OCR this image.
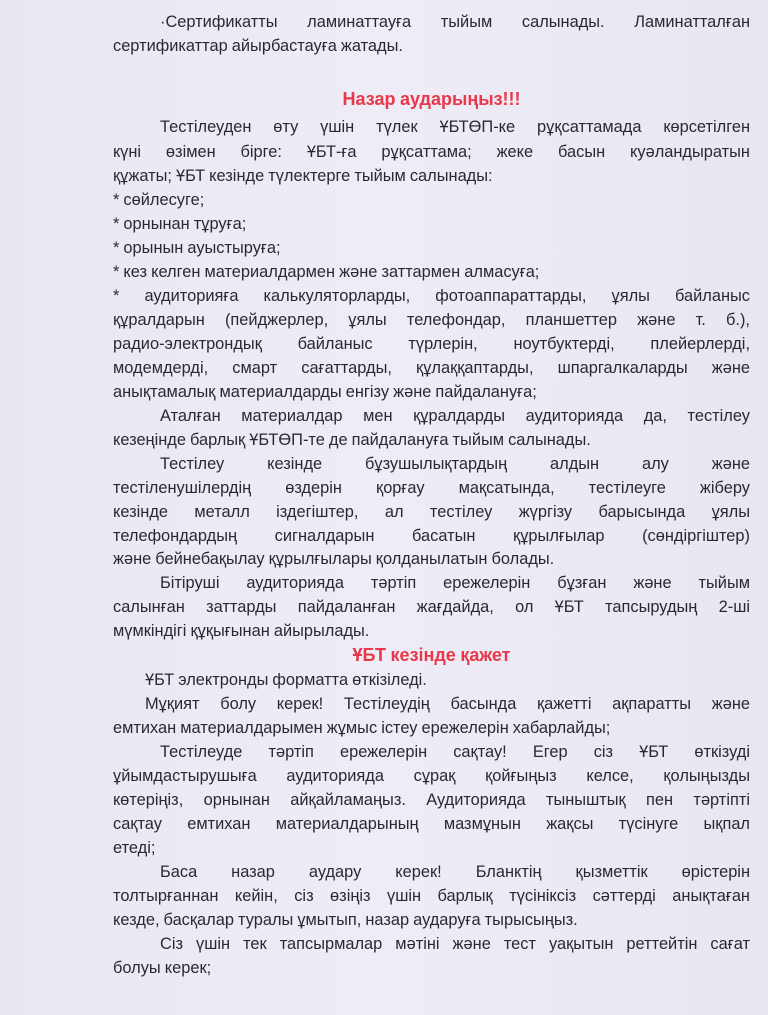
·Сертификатты ламинаттауға тыйым салынады. Ламинатталған
сертификаттар айырбастауға жатады.
Назар аударыңыз!!!
Тестілеуден өту үшін түлек ҰБТӨП-ке рұқсаттамада көрсетілген
күні өзімен бірге: ҰБТ-ға рұқсаттама; жеке басын куәландыратын
құжаты; ҰБТ кезінде түлектерге тыйым салынады:
* сөйлесуге;
* орнынан тұруға;
* орынын ауыстыруға;
* кез келген материалдармен және заттармен алмасуға;
* аудиторияға калькуляторларды, фотоаппараттарды, ұялы байланыс
құралдарын (пейджерлер, ұялы телефондар, планшеттер және т. б.),
радио-электрондық байланыс түрлерін, ноутбуктерді, плейерлерді,
модемдерді, смарт сағаттарды, құлаққаптарды, шпаргалкаларды және
анықтамалық материалдарды енгізу және пайдалануға;
Аталған материалдар мен құралдарды аудиторияда да, тестілеу
кезеңінде барлық ҰБТӨП-те де пайдалануға тыйым салынады.
Тестілеу кезінде бұзушылықтардың алдын алу және
тестіленушілердің өздерін қорғау мақсатында, тестілеуге жіберу
кезінде металл іздегіштер, ал тестілеу жүргізу барысында ұялы
телефондардың сигналдарын басатын құрылғылар (сөндіргіштер)
және бейнебақылау құрылғылары қолданылатын болады.
Бітіруші аудиторияда тәртіп ережелерін бұзған және тыйым
салынған заттарды пайдаланған жағдайда, ол ҰБТ тапсырудың 2-ші
мүмкіндігі құқығынан айырылады.
ҰБТ кезінде қажет
ҰБТ электронды форматта өткізіледі.
Мұқият болу керек! Тестілеудің басында қажетті ақпаратты және
емтихан материалдарымен жұмыс істеу ережелерін хабарлайды;
Тестілеуде тәртіп ережелерін сақтау! Егер сіз ҰБТ өткізуді
ұйымдастырушыға аудиторияда сұрақ қойғыңыз келсе, қолыңызды
көтеріңіз, орнынан айқайламаңыз. Аудиторияда тыныштық пен тәртіпті
сақтау емтихан материалдарының мазмұнын жақсы түсінуге ықпал
етеді;
Баса назар аудару керек! Бланктің қызметтік өрістерін
толтырғаннан кейін, сіз өзіңіз үшін барлық түсініксіз сәттерді анықтаған
кезде, басқалар туралы ұмытып, назар аударуға тырысыңыз.
Сіз үшін тек тапсырмалар мәтіні және тест уақытын реттейтін сағат
болуы керек;
